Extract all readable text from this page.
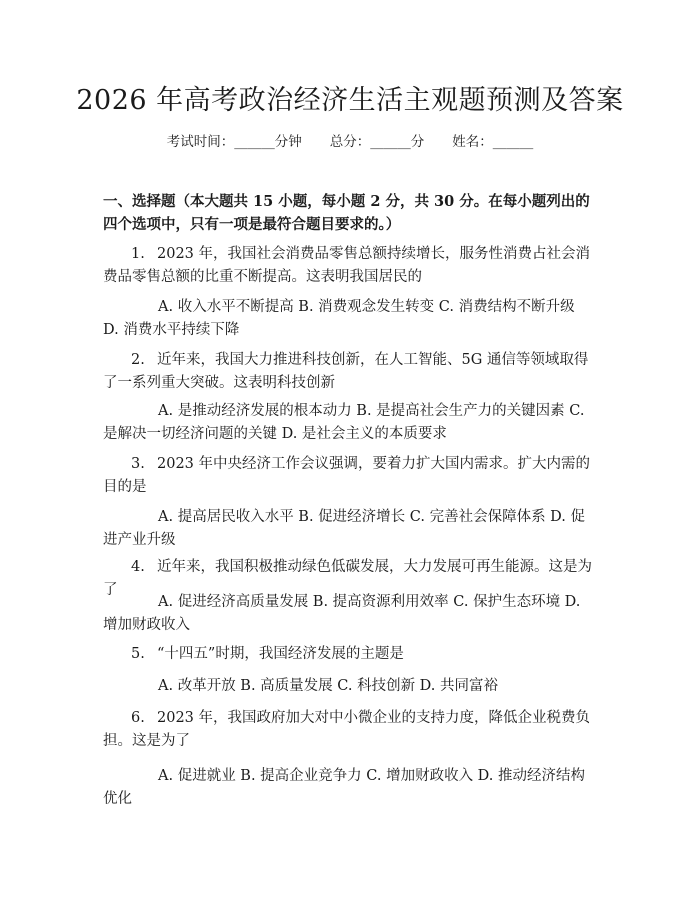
2026 年高考政治经济生活主观题预测及答案
考试时间：______分钟 总分：______分 姓名：______

一、选择题（本大题共 15 小题，每小题 2 分，共 30 分。在每小题列出的四个选项中，只有一项是最符合题目要求的。）

1. 2023 年，我国社会消费品零售总额持续增长，服务性消费占社会消费品零售总额的比重不断提高。这表明我国居民的

A. 收入水平不断提高 B. 消费观念发生转变 C. 消费结构不断升级 D. 消费水平持续下降

2. 近年来，我国大力推进科技创新，在人工智能、5G 通信等领域取得了一系列重大突破。这表明科技创新

A. 是推动经济发展的根本动力 B. 是提高社会生产力的关键因素 C. 是解决一切经济问题的关键 D. 是社会主义的本质要求

3. 2023 年中央经济工作会议强调，要着力扩大国内需求。扩大内需的目的是

A. 提高居民收入水平 B. 促进经济增长 C. 完善社会保障体系 D. 促进产业升级

4. 近年来，我国积极推动绿色低碳发展，大力发展可再生能源。这是为了

A. 促进经济高质量发展 B. 提高资源利用效率 C. 保护生态环境 D. 增加财政收入

5. “十四五”时期，我国经济发展的主题是

A. 改革开放 B. 高质量发展 C. 科技创新 D. 共同富裕

6. 2023 年，我国政府加大对中小微企业的支持力度，降低企业税费负担。这是为了

A. 促进就业 B. 提高企业竞争力 C. 增加财政收入 D. 推动经济结构优化
